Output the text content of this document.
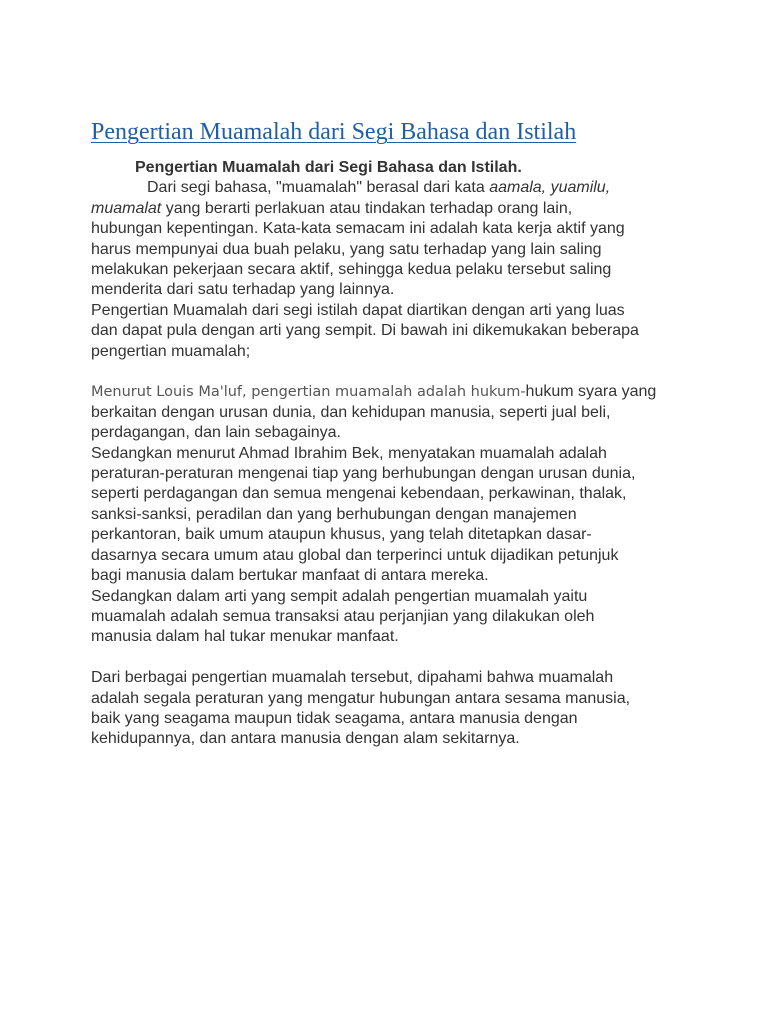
Pengertian Muamalah dari Segi Bahasa dan Istilah
Pengertian Muamalah dari Segi Bahasa dan Istilah.
Dari segi bahasa, "muamalah" berasal dari kata aamala, yuamilu,
muamalat yang berarti perlakuan atau tindakan terhadap orang lain,
hubungan kepentingan. Kata-kata semacam ini adalah kata kerja aktif yang
harus mempunyai dua buah pelaku, yang satu terhadap yang lain saling
melakukan pekerjaan secara aktif, sehingga kedua pelaku tersebut saling
menderita dari satu terhadap yang lainnya.
Pengertian Muamalah dari segi istilah dapat diartikan dengan arti yang luas
dan dapat pula dengan arti yang sempit. Di bawah ini dikemukakan beberapa
pengertian muamalah;
Menurut Louis Ma'luf, pengertian muamalah adalah hukum-hukum syara yang
berkaitan dengan urusan dunia, dan kehidupan manusia, seperti jual beli,
perdagangan, dan lain sebagainya.
Sedangkan menurut Ahmad Ibrahim Bek, menyatakan muamalah adalah
peraturan-peraturan mengenai tiap yang berhubungan dengan urusan dunia,
seperti perdagangan dan semua mengenai kebendaan, perkawinan, thalak,
sanksi-sanksi, peradilan dan yang berhubungan dengan manajemen
perkantoran, baik umum ataupun khusus, yang telah ditetapkan dasar-
dasarnya secara umum atau global dan terperinci untuk dijadikan petunjuk
bagi manusia dalam bertukar manfaat di antara mereka.
Sedangkan dalam arti yang sempit adalah pengertian muamalah yaitu
muamalah adalah semua transaksi atau perjanjian yang dilakukan oleh
manusia dalam hal tukar menukar manfaat.
Dari berbagai pengertian muamalah tersebut, dipahami bahwa muamalah
adalah segala peraturan yang mengatur hubungan antara sesama manusia,
baik yang seagama maupun tidak seagama, antara manusia dengan
kehidupannya, dan antara manusia dengan alam sekitarnya.
